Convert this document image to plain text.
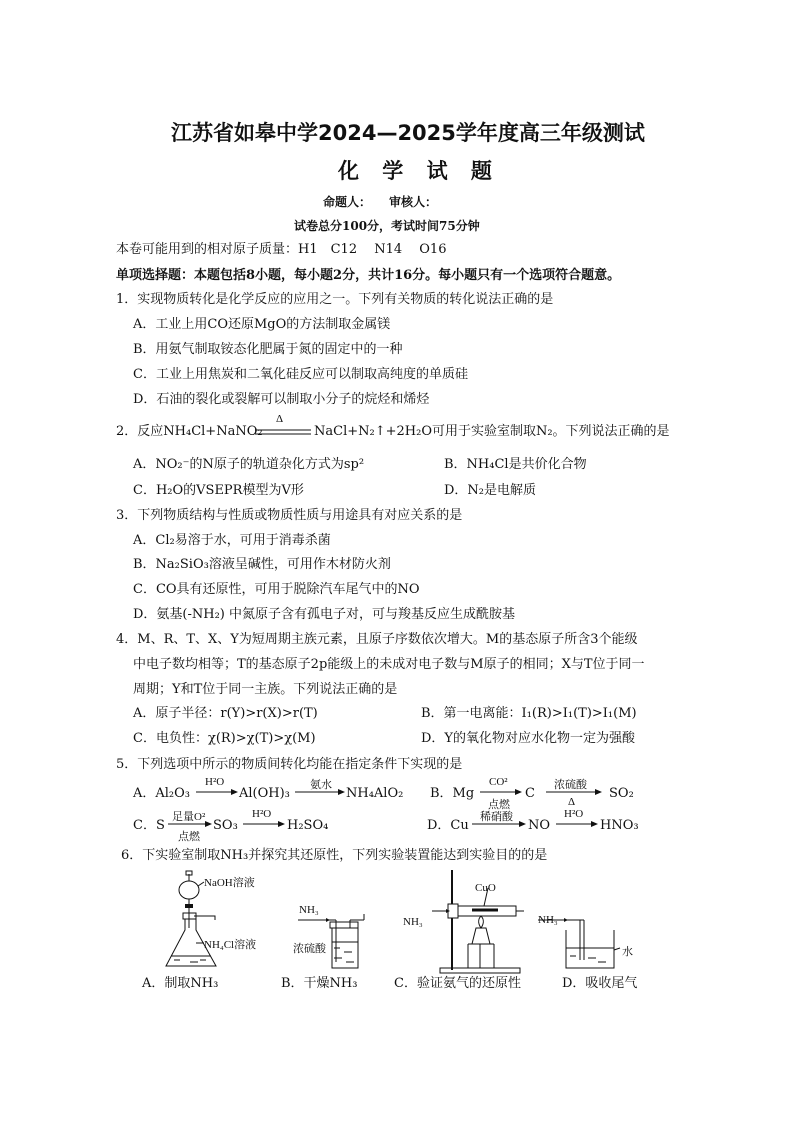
江苏省如皋中学2024—2025学年度高三年级测试
化 学 试 题
命题人：　　审核人：
试卷总分100分，考试时间75分钟
本卷可能用到的相对原子质量：H1　C12　 N14　 O16
单项选择题：本题包括8小题，每小题2分，共计16分。每小题只有一个选项符合题意。
1．实现物质转化是化学反应的应用之一。下列有关物质的转化说法正确的是
A．工业上用CO还原MgO的方法制取金属镁
B．用氨气制取铵态化肥属于氮的固定中的一种
C．工业上用焦炭和二氧化硅反应可以制取高纯度的单质硅
D．石油的裂化或裂解可以制取小分子的烷烃和烯烃
2．反应NH₄Cl+NaNO₂
Δ
NaCl+N₂↑+2H₂O可用于实验室制取N₂。下列说法正确的是
A．NO₂⁻的N原子的轨道杂化方式为sp²	B．NH₄Cl是共价化合物
C．H₂O的VSEPR模型为V形	D．N₂是电解质
3．下列物质结构与性质或物质性质与用途具有对应关系的是
A．Cl₂易溶于水，可用于消毒杀菌
B．Na₂SiO₃溶液呈碱性，可用作木材防火剂
C．CO具有还原性，可用于脱除汽车尾气中的NO
D．氨基(-NH₂) 中氮原子含有孤电子对，可与羧基反应生成酰胺基
4．M、R、T、X、Y为短周期主族元素，且原子序数依次增大。M的基态原子所含3个能级
中电子数均相等；T的基态原子2p能级上的未成对电子数与M原子的相同；X与T位于同一
周期；Y和T位于同一主族。下列说法正确的是
A．原子半径：r(Y)>r(X)>r(T)	B．第一电离能：I₁(R)>I₁(T)>I₁(M)
C．电负性：χ(R)>χ(T)>χ(M)	D．Y的氧化物对应水化物一定为强酸
5．下列选项中所示的物质间转化均能在指定条件下实现的是
A．Al₂O₃
H²O
Al(OH)₃
氨水
NH₄AlO₂ B．Mg
CO²
点燃
C
浓硫酸
Δ
SO₂
C．S
足量O²
点燃
SO₃
H²O
H₂SO₄	D．Cu
稀硝酸
NO
H²O
HNO₃
6．下实验室制取NH₃并探究其还原性，下列实验装置能达到实验目的的是
NaOH溶液
NH₄Cl溶液
NH₃
浓硫酸
NH₃
CuO
NH₃
水
A．制取NH₃	B．干燥NH₃	C．验证氨气的还原性	D．吸收尾气
